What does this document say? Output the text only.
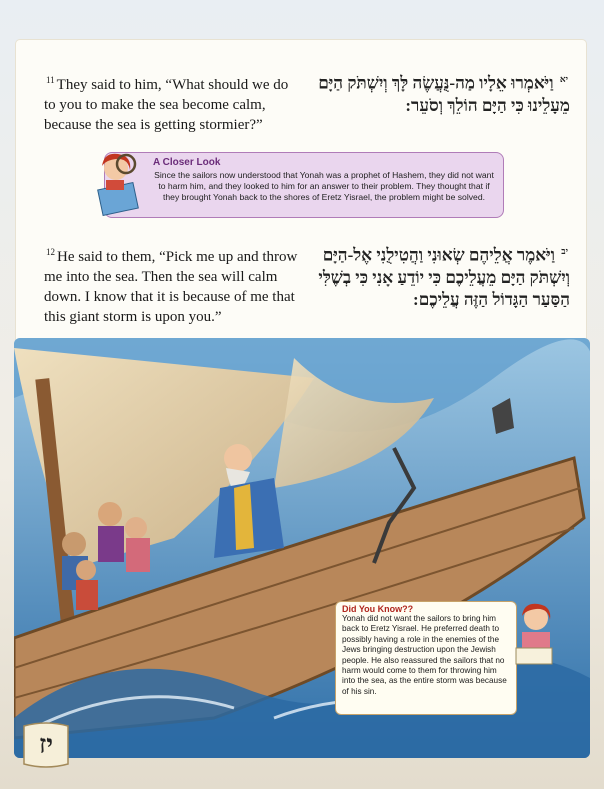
$^{11}$ They said to him, “What should we do to you to make the sea become calm, because the sea is getting stormier?”
$^{יא}$ וַיֹּאמְרוּ אֵלָיו מַה-נֻּעֲשֶׂה לָּךְ וְיִשְׁתֹּק הַיָּם מֵעָלֵינוּ כִּי הַיָּם הוֹלֵךְ וְסֹעֵר:
A Closer Look
Since the sailors now understood that Yonah was a prophet of Hashem, they did not want to harm him, and they looked to him for an answer to their problem. They thought that if they brought Yonah back to the shores of Eretz Yisrael, the problem might be solved.
$^{12}$ He said to them, “Pick me up and throw me into the sea. Then the sea will calm down. I know that it is because of me that this giant storm is upon you.”
$^{יב}$ וַיֹּאמֶר אֲלֵיהֶם שְׂאוּנִי וַהֲטִילֻנִי אֶל-הַיָּם וְיִשְׁתֹּק הַיָּם מֵעֲלֵיכֶם כִּי יוֹדֵעַ אָנִי כִּי בְשֶׁלִּי הַסַּעַר הַגָּדוֹל הַזֶּה עֲלֵיכֶם:
Did You Know??
Yonah did not want the sailors to bring him back to Eretz Yisrael. He preferred death to possibly having a role in the enemies of the Jews bringing destruction upon the Jewish people. He also reassured the sailors that no harm would come to them for throwing him into the sea, as the entire storm was because of his sin.
יז
